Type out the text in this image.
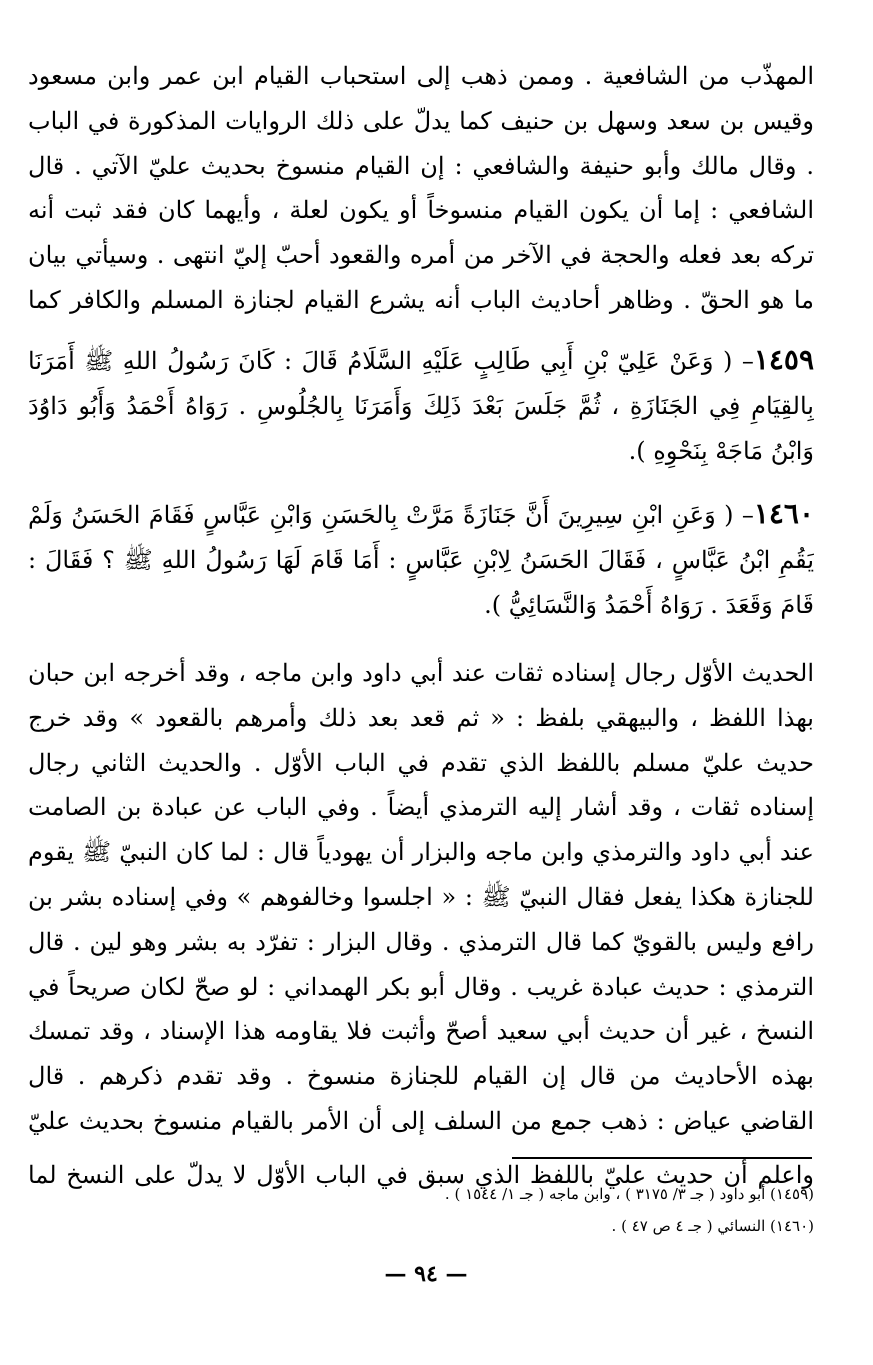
المهذّب من الشافعية . وممن ذهب إلى استحباب القيام ابن عمر وابن مسعود وقيس بن سعد وسهل بن حنيف كما يدلّ على ذلك الروايات المذكورة في الباب . وقال مالك وأبو حنيفة والشافعي : إن القيام منسوخ بحديث عليّ الآتي . قال الشافعي : إما أن يكون القيام منسوخاً أو يكون لعلة ، وأيهما كان فقد ثبت أنه تركه بعد فعله والحجة في الآخر من أمره والقعود أحبّ إليّ انتهى . وسيأتي بيان ما هو الحقّ . وظاهر أحاديث الباب أنه يشرع القيام لجنازة المسلم والكافر كما

١٤٥٩– ( وَعَنْ عَلِيّ بْنِ أَبِي طَالِبٍ عَلَيْهِ السَّلَامُ قَالَ : كَانَ رَسُولُ اللهِ ﷺ أَمَرَنَا بِالقِيَامِ فِي الجَنَازَةِ ، ثُمَّ جَلَسَ بَعْدَ ذَلِكَ وَأَمَرَنَا بِالجُلُوسِ . رَوَاهُ أَحْمَدُ وَأَبُو دَاوُدَ وَابْنُ مَاجَهْ بِنَحْوِهِ ).

١٤٦٠– ( وَعَنِ ابْنِ سِيرِينَ أَنَّ جَنَازَةً مَرَّتْ بِالحَسَنِ وَابْنِ عَبَّاسٍ فَقَامَ الحَسَنُ وَلَمْ يَقُمِ ابْنُ عَبَّاسٍ ، فَقَالَ الحَسَنُ لِابْنِ عَبَّاسٍ : أَمَا قَامَ لَهَا رَسُولُ اللهِ ﷺ ؟ فَقَالَ : قَامَ وَقَعَدَ . رَوَاهُ أَحْمَدُ وَالنَّسَائِيُّ ).

الحديث الأوّل رجال إسناده ثقات عند أبي داود وابن ماجه ، وقد أخرجه ابن حبان بهذا اللفظ ، والبيهقي بلفظ : « ثم قعد بعد ذلك وأمرهم بالقعود » وقد خرج حديث عليّ مسلم باللفظ الذي تقدم في الباب الأوّل . والحديث الثاني رجال إسناده ثقات ، وقد أشار إليه الترمذي أيضاً . وفي الباب عن عبادة بن الصامت عند أبي داود والترمذي وابن ماجه والبزار أن يهودياً قال : لما كان النبيّ ﷺ يقوم للجنازة هكذا يفعل فقال النبيّ ﷺ : « اجلسوا وخالفوهم » وفي إسناده بشر بن رافع وليس بالقويّ كما قال الترمذي . وقال البزار : تفرّد به بشر وهو لين . قال الترمذي : حديث عبادة غريب . وقال أبو بكر الهمداني : لو صحّ لكان صريحاً في النسخ ، غير أن حديث أبي سعيد أصحّ وأثبت فلا يقاومه هذا الإسناد ، وقد تمسك بهذه الأحاديث من قال إن القيام للجنازة منسوخ . وقد تقدم ذكرهم . قال القاضي عياض : ذهب جمع من السلف إلى أن الأمر بالقيام منسوخ بحديث عليّ

واعلم أن حديث عليّ باللفظ الذي سبق في الباب الأوّل لا يدلّ على النسخ لما

(١٤٥٩) أبو داود ( جـ ٣/ ٣١٧٥ ) ، وابن ماجه ( جـ ١/ ١٥٤٤ ) .

(١٤٦٠) النسائي ( جـ ٤ ص ٤٧ ) .

— ٩٤ —
